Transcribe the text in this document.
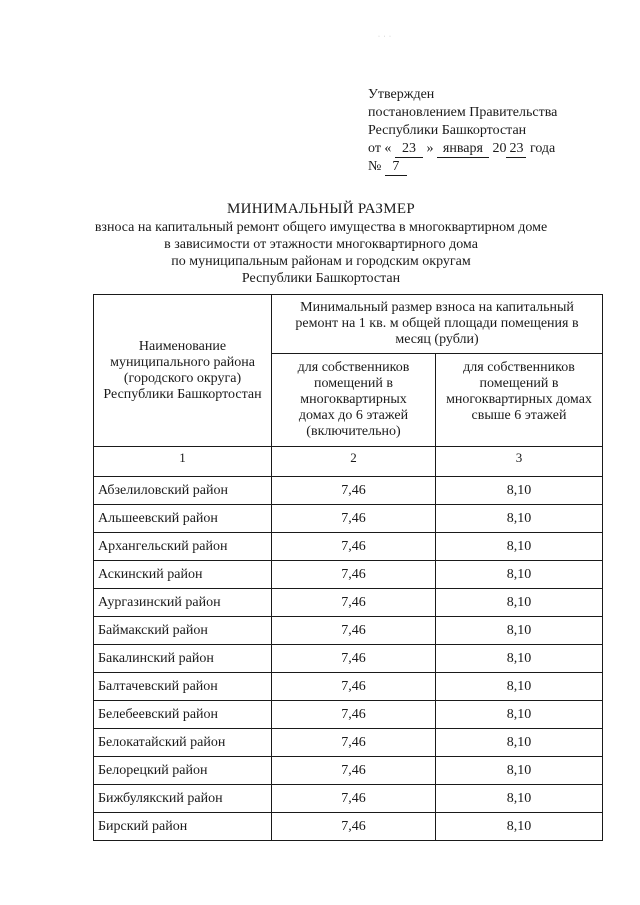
· · ·
Утвержден
постановлением Правительства
Республики Башкортостан
от « 23 » января 20 23 года
№ 7
МИНИМАЛЬНЫЙ РАЗМЕР
взноса на капитальный ремонт общего имущества в многоквартирном доме
в зависимости от этажности многоквартирного дома
по муниципальным районам и городским округам
Республики Башкортостан
Наименование муниципального района (городского округа) Республики Башкортостан	Минимальный размер взноса на капитальный ремонт на 1 кв. м общей площади помещения в месяц (рубли)	

	для собственников помещений в многоквартирных домах до 6 этажей (включительно)	для собственников помещений в многоквартирных домах свыше 6 этажей

1	2	3
Абзелиловский район	7,46	8,10
Альшеевский район	7,46	8,10
Архангельский район	7,46	8,10
Аскинский район	7,46	8,10
Аургазинский район	7,46	8,10
Баймакский район	7,46	8,10
Бакалинский район	7,46	8,10
Балтачевский район	7,46	8,10
Белебеевский район	7,46	8,10
Белокатайский район	7,46	8,10
Белорецкий район	7,46	8,10
Бижбулякский район	7,46	8,10
Бирский район	7,46	8,10
